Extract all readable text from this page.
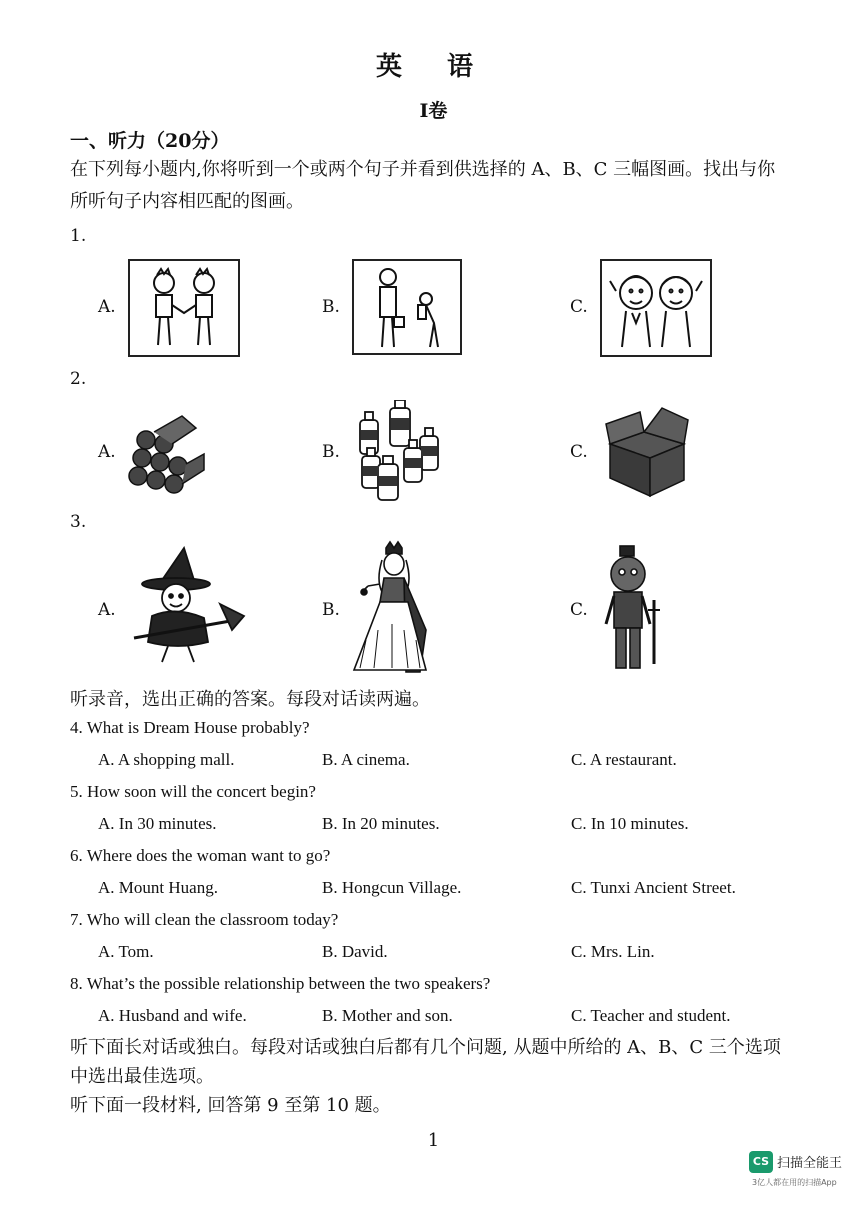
英 语
I卷
一、听力（20分）
在下列每小题内,你将听到一个或两个句子并看到供选择的 A、B、C 三幅图画。找出与你
所听句子内容相匹配的图画。
1.
A.	B.	C.
2.
A.	B.	C.
3.
A.	B.	C.
听录音，选出正确的答案。每段对话读两遍。
4. What is Dream House probably?
A. A shopping mall.	B. A cinema.	C. A restaurant.
5. How soon will the concert begin?
A. In 30 minutes.	B. In 20 minutes.	C. In 10 minutes.
6. Where does the woman want to go?
A. Mount Huang.	B. Hongcun Village.	C. Tunxi Ancient Street.
7. Who will clean the classroom today?
A. Tom.	B. David.	C. Mrs. Lin.
8. What’s the possible relationship between the two speakers?
A. Husband and wife.	B. Mother and son.	C. Teacher and student.
听下面长对话或独白。每段对话或独白后都有几个问题, 从题中所给的 A、B、C 三个选项
中选出最佳选项。
听下面一段材料, 回答第 9 至第 10 题。
1
CS 扫描全能王
3亿人都在用的扫描App
